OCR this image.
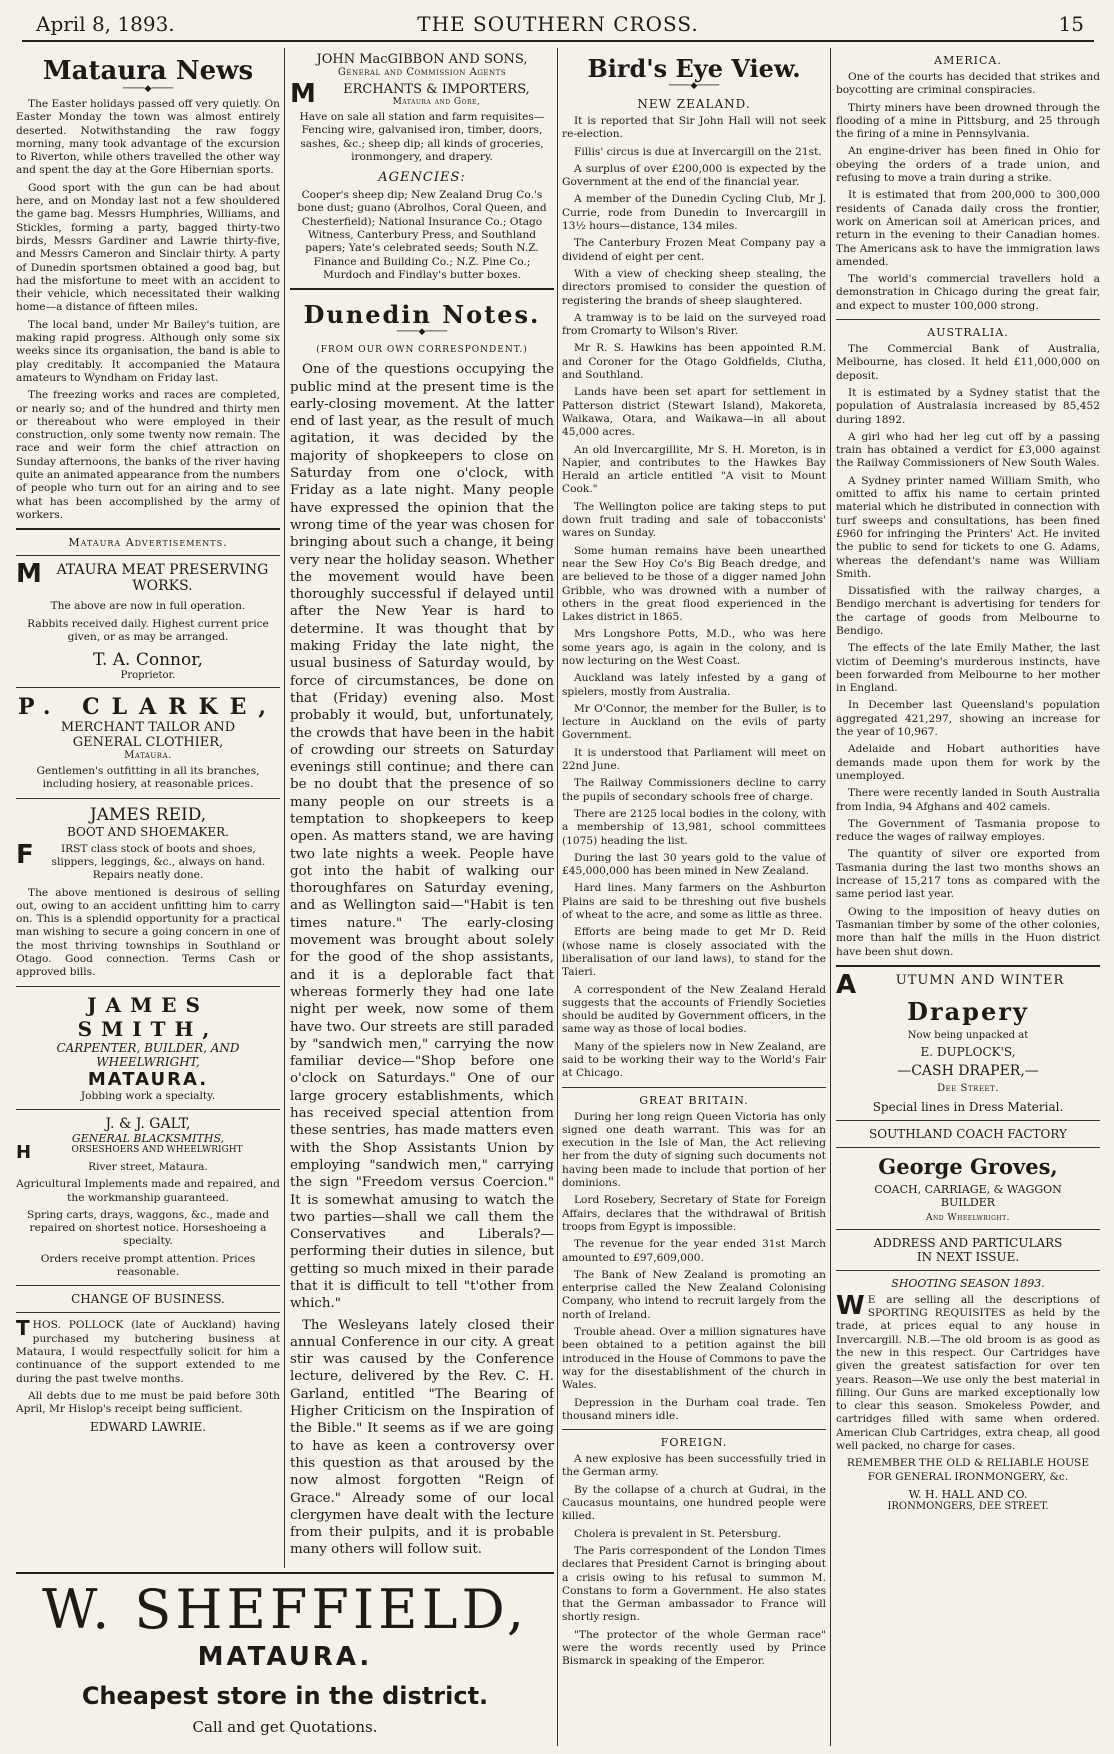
April 8, 1893.	THE SOUTHERN CROSS.	15
Mataura News
────◆────

The Easter holidays passed off very quietly. On Easter Monday the town was almost entirely deserted. Notwithstanding the raw foggy morning, many took advantage of the excursion to Riverton, while others travelled the other way and spent the day at the Gore Hibernian sports.

Good sport with the gun can be had about here, and on Monday last not a few shouldered the game bag. Messrs Humphries, Williams, and Stickles, forming a party, bagged thirty-two birds, Messrs Gardiner and Lawrie thirty-five, and Messrs Cameron and Sinclair thirty. A party of Dunedin sportsmen obtained a good bag, but had the misfortune to meet with an accident to their vehicle, which necessitated their walking home—a distance of fifteen miles.

The local band, under Mr Bailey's tuition, are making rapid progress. Although only some six weeks since its organisation, the band is able to play creditably. It accompanied the Mataura amateurs to Wyndham on Friday last.

The freezing works and races are completed, or nearly so; and of the hundred and thirty men or thereabout who were employed in their construction, only some twenty now remain. The race and weir form the chief attraction on Sunday afternoons, the banks of the river having quite an animated appearance from the numbers of people who turn out for an airing and to see what has been accomplished by the army of workers.

Mataura Advertisements.
M ATAURA MEAT PRESERVING WORKS.

The above are now in full operation.

Rabbits received daily. Highest current price given, or as may be arranged.

T. A. Connor,
Proprietor.
P. CLARKE,
MERCHANT TAILOR AND
GENERAL CLOTHIER,
Mataura.

Gentlemen's outfitting in all its branches, including hosiery, at reasonable prices.

JAMES REID,
BOOT AND SHOEMAKER.

F	IRST class stock of boots and shoes, slippers, leggings, &c., always on hand. Repairs neatly done.

The above mentioned is desirous of selling out, owing to an accident unfitting him to carry on. This is a splendid opportunity for a practical man wishing to secure a going concern in one of the most thriving townships in Southland or Otago. Good connection. Terms Cash or approved bills.

JAMES SMITH,
CARPENTER, BUILDER, AND
WHEELWRIGHT,
MATAURA.

Jobbing work a specialty.

J. & J. GALT,
GENERAL BLACKSMITHS,
H	ORSESHOERS AND WHEELWRIGHT

River street, Mataura.

Agricultural Implements made and repaired, and the workmanship guaranteed.

Spring carts, drays, waggons, &c., made and repaired on shortest notice. Horseshoeing a specialty.

Orders receive prompt attention. Prices reasonable.

CHANGE OF BUSINESS.

THOS. POLLOCK (late of Auckland) having purchased my butchering business at Mataura, I would respectfully solicit for him a continuance of the support extended to me during the past twelve months.

All debts due to me must be paid before 30th April, Mr Hislop's receipt being sufficient.

EDWARD LAWRIE.
JOHN MacGIBBON AND SONS,
General and Commission Agents
M ERCHANTS & IMPORTERS,
Mataura and Gore,

Have on sale all station and farm requisites—Fencing wire, galvanised iron, timber, doors, sashes, &c.; sheep dip; all kinds of groceries, ironmongery, and drapery.

AGENCIES:

Cooper's sheep dip; New Zealand Drug Co.'s bone dust; guano (Abrolhos, Coral Queen, and Chesterfield); National Insurance Co.; Otago Witness, Canterbury Press, and Southland papers; Yate's celebrated seeds; South N.Z. Finance and Building Co.; N.Z. Pine Co.; Murdoch and Findlay's butter boxes.

Dunedin Notes.
────◆────
(FROM OUR OWN CORRESPONDENT.)

One of the questions occupying the public mind at the present time is the early-closing movement. At the latter end of last year, as the result of much agitation, it was decided by the majority of shopkeepers to close on Saturday from one o'clock, with Friday as a late night. Many people have expressed the opinion that the wrong time of the year was chosen for bringing about such a change, it being very near the holiday season. Whether the movement would have been thoroughly successful if delayed until after the New Year is hard to determine. It was thought that by making Friday the late night, the usual business of Saturday would, by force of circumstances, be done on that (Friday) evening also. Most probably it would, but, unfortunately, the crowds that have been in the habit of crowding our streets on Saturday evenings still continue; and there can be no doubt that the presence of so many people on our streets is a temptation to shopkeepers to keep open. As matters stand, we are having two late nights a week. People have got into the habit of walking our thoroughfares on Saturday evening, and as Wellington said—"Habit is ten times nature." The early-closing movement was brought about solely for the good of the shop assistants, and it is a deplorable fact that whereas formerly they had one late night per week, now some of them have two. Our streets are still paraded by "sandwich men," carrying the now familiar device—"Shop before one o'clock on Saturdays." One of our large grocery establishments, which has received special attention from these sentries, has made matters even with the Shop Assistants Union by employing "sandwich men," carrying the sign "Freedom versus Coercion." It is somewhat amusing to watch the two parties—shall we call them the Conservatives and Liberals?—performing their duties in silence, but getting so much mixed in their parade that it is difficult to tell "t'other from which."

The Wesleyans lately closed their annual Conference in our city. A great stir was caused by the Conference lecture, delivered by the Rev. C. H. Garland, entitled "The Bearing of Higher Criticism on the Inspiration of the Bible." It seems as if we are going to have as keen a controversy over this question as that aroused by the now almost forgotten "Reign of Grace." Already some of our local clergymen have dealt with the lecture from their pulpits, and it is probable many others will follow suit.

Bird's Eye View.
────◆────
NEW ZEALAND.

It is reported that Sir John Hall will not seek re-election.

Fillis' circus is due at Invercargill on the 21st.

A surplus of over £200,000 is expected by the Government at the end of the financial year.

A member of the Dunedin Cycling Club, Mr J. Currie, rode from Dunedin to Invercargill in 13½ hours—distance, 134 miles.

The Canterbury Frozen Meat Company pay a dividend of eight per cent.

With a view of checking sheep stealing, the directors promised to consider the question of registering the brands of sheep slaughtered.

A tramway is to be laid on the surveyed road from Cromarty to Wilson's River.

Mr R. S. Hawkins has been appointed R.M. and Coroner for the Otago Goldfields, Clutha, and Southland.

Lands have been set apart for settlement in Patterson district (Stewart Island), Makoreta, Waikawa, Otara, and Waikawa—in all about 45,000 acres.

An old Invercargillite, Mr S. H. Moreton, is in Napier, and contributes to the Hawkes Bay Herald an article entitled "A visit to Mount Cook."

The Wellington police are taking steps to put down fruit trading and sale of tobacconists' wares on Sunday.

Some human remains have been unearthed near the Sew Hoy Co's Big Beach dredge, and are believed to be those of a digger named John Gribble, who was drowned with a number of others in the great flood experienced in the Lakes district in 1865.

Mrs Longshore Potts, M.D., who was here some years ago, is again in the colony, and is now lecturing on the West Coast.

Auckland was lately infested by a gang of spielers, mostly from Australia.

Mr O'Connor, the member for the Buller, is to lecture in Auckland on the evils of party Government.

It is understood that Parliament will meet on 22nd June.

The Railway Commissioners decline to carry the pupils of secondary schools free of charge.

There are 2125 local bodies in the colony, with a membership of 13,981, school committees (1075) heading the list.

During the last 30 years gold to the value of £45,000,000 has been mined in New Zealand.

Hard lines. Many farmers on the Ashburton Plains are said to be threshing out five bushels of wheat to the acre, and some as little as three.

Efforts are being made to get Mr D. Reid (whose name is closely associated with the liberalisation of our land laws), to stand for the Taieri.

A correspondent of the New Zealand Herald suggests that the accounts of Friendly Societies should be audited by Government officers, in the same way as those of local bodies.

Many of the spielers now in New Zealand, are said to be working their way to the World's Fair at Chicago.

GREAT BRITAIN.

During her long reign Queen Victoria has only signed one death warrant. This was for an execution in the Isle of Man, the Act relieving her from the duty of signing such documents not having been made to include that portion of her dominions.

Lord Rosebery, Secretary of State for Foreign Affairs, declares that the withdrawal of British troops from Egypt is impossible.

The revenue for the year ended 31st March amounted to £97,609,000.

The Bank of New Zealand is promoting an enterprise called the New Zealand Colonising Company, who intend to recruit largely from the north of Ireland.

Trouble ahead. Over a million signatures have been obtained to a petition against the bill introduced in the House of Commons to pave the way for the disestablishment of the church in Wales.

Depression in the Durham coal trade. Ten thousand miners idle.

FOREIGN.

A new explosive has been successfully tried in the German army.

By the collapse of a church at Gudrai, in the Caucasus mountains, one hundred people were killed.

Cholera is prevalent in St. Petersburg.

The Paris correspondent of the London Times declares that President Carnot is bringing about a crisis owing to his refusal to summon M. Constans to form a Government. He also states that the German ambassador to France will shortly resign.

"The protector of the whole German race" were the words recently used by Prince Bismarck in speaking of the Emperor.

AMERICA.

One of the courts has decided that strikes and boycotting are criminal conspiracies.

Thirty miners have been drowned through the flooding of a mine in Pittsburg, and 25 through the firing of a mine in Pennsylvania.

An engine-driver has been fined in Ohio for obeying the orders of a trade union, and refusing to move a train during a strike.

It is estimated that from 200,000 to 300,000 residents of Canada daily cross the frontier, work on American soil at American prices, and return in the evening to their Canadian homes. The Americans ask to have the immigration laws amended.

The world's commercial travellers hold a demonstration in Chicago during the great fair, and expect to muster 100,000 strong.

AUSTRALIA.

The Commercial Bank of Australia, Melbourne, has closed. It held £11,000,000 on deposit.

It is estimated by a Sydney statist that the population of Australasia increased by 85,452 during 1892.

A girl who had her leg cut off by a passing train has obtained a verdict for £3,000 against the Railway Commissioners of New South Wales.

A Sydney printer named William Smith, who omitted to affix his name to certain printed material which he distributed in connection with turf sweeps and consultations, has been fined £960 for infringing the Printers' Act. He invited the public to send for tickets to one G. Adams, whereas the defendant's name was William Smith.

Dissatisfied with the railway charges, a Bendigo merchant is advertising for tenders for the cartage of goods from Melbourne to Bendigo.

The effects of the late Emily Mather, the last victim of Deeming's murderous instincts, have been forwarded from Melbourne to her mother in England.

In December last Queensland's population aggregated 421,297, showing an increase for the year of 10,967.

Adelaide and Hobart authorities have demands made upon them for work by the unemployed.

There were recently landed in South Australia from India, 94 Afghans and 402 camels.

The Government of Tasmania propose to reduce the wages of railway employes.

The quantity of silver ore exported from Tasmania during the last two months shows an increase of 15,217 tons as compared with the same period last year.

Owing to the imposition of heavy duties on Tasmanian timber by some of the other colonies, more than half the mills in the Huon district have been shut down.

A	UTUMN AND WINTER
Drapery
Now being unpacked at
E. DUPLOCK'S,
—CASH DRAPER,—
Dee Street.
Special lines in Dress Material.
SOUTHLAND COACH FACTORY
George Groves,
COACH, CARRIAGE, & WAGGON
BUILDER
And Wheelwright.
ADDRESS AND PARTICULARS
IN NEXT ISSUE.
SHOOTING SEASON 1893.

W E are selling all the descriptions of SPORTING REQUISITES as held by the trade, at prices equal to any house in Invercargill. N.B.—The old broom is as good as the new in this respect. Our Cartridges have given the greatest satisfaction for over ten years. Reason—We use only the best material in filling. Our Guns are marked exceptionally low to clear this season. Smokeless Powder, and cartridges filled with same when ordered. American Club Cartridges, extra cheap, all good well packed, no charge for cases.

REMEMBER THE OLD & RELIABLE HOUSE FOR GENERAL IRONMONGERY, &c.

W. H. HALL AND CO.
IRONMONGERS, DEE STREET.
W. SHEFFIELD,
MATAURA.
Cheapest store in the district.
Call and get Quotations.
